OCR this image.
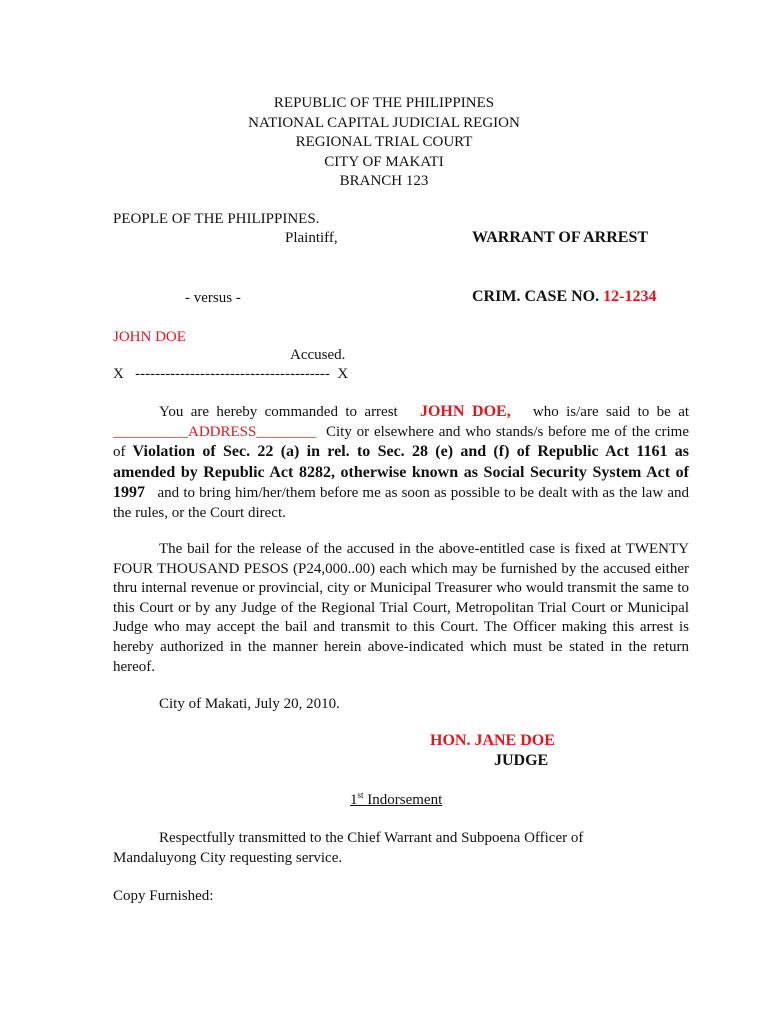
REPUBLIC OF THE PHILIPPINES
NATIONAL CAPITAL JUDICIAL REGION
REGIONAL TRIAL COURT
CITY OF MAKATI
BRANCH 123
PEOPLE OF THE PHILIPPINES.
Plaintiff,	WARRANT OF ARREST
- versus -	CRIM. CASE NO. 12-1234
JOHN DOE
Accused.
X --------------------------------------- X

You are hereby commanded to arrest JOHN DOE, who is/are said to be at __________ADDRESS________ City or elsewhere and who stands/s before me of the crime of Violation of Sec. 22 (a) in rel. to Sec. 28 (e) and (f) of Republic Act 1161 as amended by Republic Act 8282, otherwise known as Social Security System Act of 1997 and to bring him/her/them before me as soon as possible to be dealt with as the law and the rules, or the Court direct.

The bail for the release of the accused in the above-entitled case is fixed at TWENTY FOUR THOUSAND PESOS (P24,000..00) each which may be furnished by the accused either thru internal revenue or provincial, city or Municipal Treasurer who would transmit the same to this Court or by any Judge of the Regional Trial Court, Metropolitan Trial Court or Municipal Judge who may accept the bail and transmit to this Court. The Officer making this arrest is hereby authorized in the manner herein above-indicated which must be stated in the return hereof.

City of Makati, July 20, 2010.
HON. JANE DOE
JUDGE
1st Indorsement

Respectfully transmitted to the Chief Warrant and Subpoena Officer of Mandaluyong City requesting service.

Copy Furnished:
